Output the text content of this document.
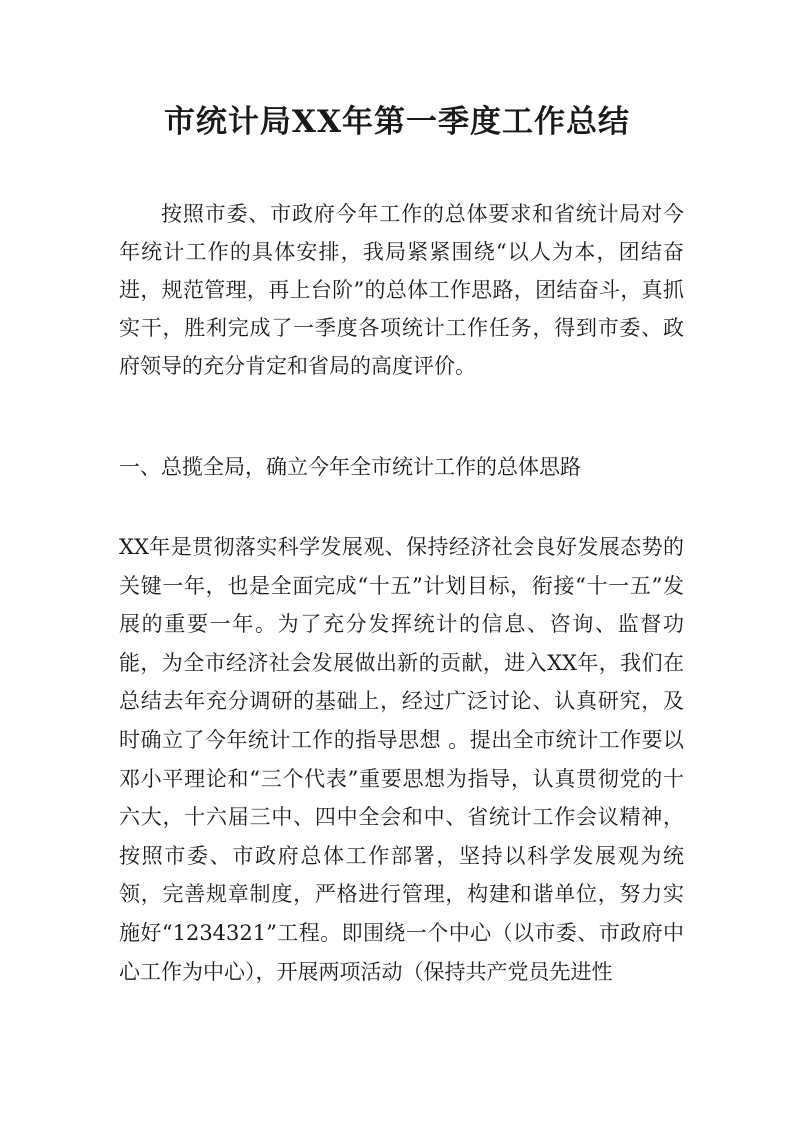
市统计局XX年第一季度工作总结

按照市委、市政府今年工作的总体要求和省统计局对今年统计工作的具体安排，我局紧紧围绕“以人为本，团结奋进，规范管理，再上台阶”的总体工作思路，团结奋斗，真抓实干，胜利完成了一季度各项统计工作任务，得到市委、政府领导的充分肯定和省局的高度评价。

一、总揽全局，确立今年全市统计工作的总体思路

XX年是贯彻落实科学发展观、保持经济社会良好发展态势的关键一年，也是全面完成“十五”计划目标，衔接“十一五”发展的重要一年。为了充分发挥统计的信息、咨询、监督功能，为全市经济社会发展做出新的贡献，进入XX年，我们在总结去年充分调研的基础上，经过广泛讨论、认真研究，及时确立了今年统计工作的指导思想 。提出全市统计工作要以邓小平理论和“三个代表”重要思想为指导，认真贯彻党的十六大，十六届三中、四中全会和中、省统计工作会议精神，按照市委、市政府总体工作部署，坚持以科学发展观为统领，完善规章制度，严格进行管理，构建和谐单位，努力实施好“1234321”工程。即围绕一个中心（以市委、市政府中心工作为中心），开展两项活动（保持共产党员先进性
